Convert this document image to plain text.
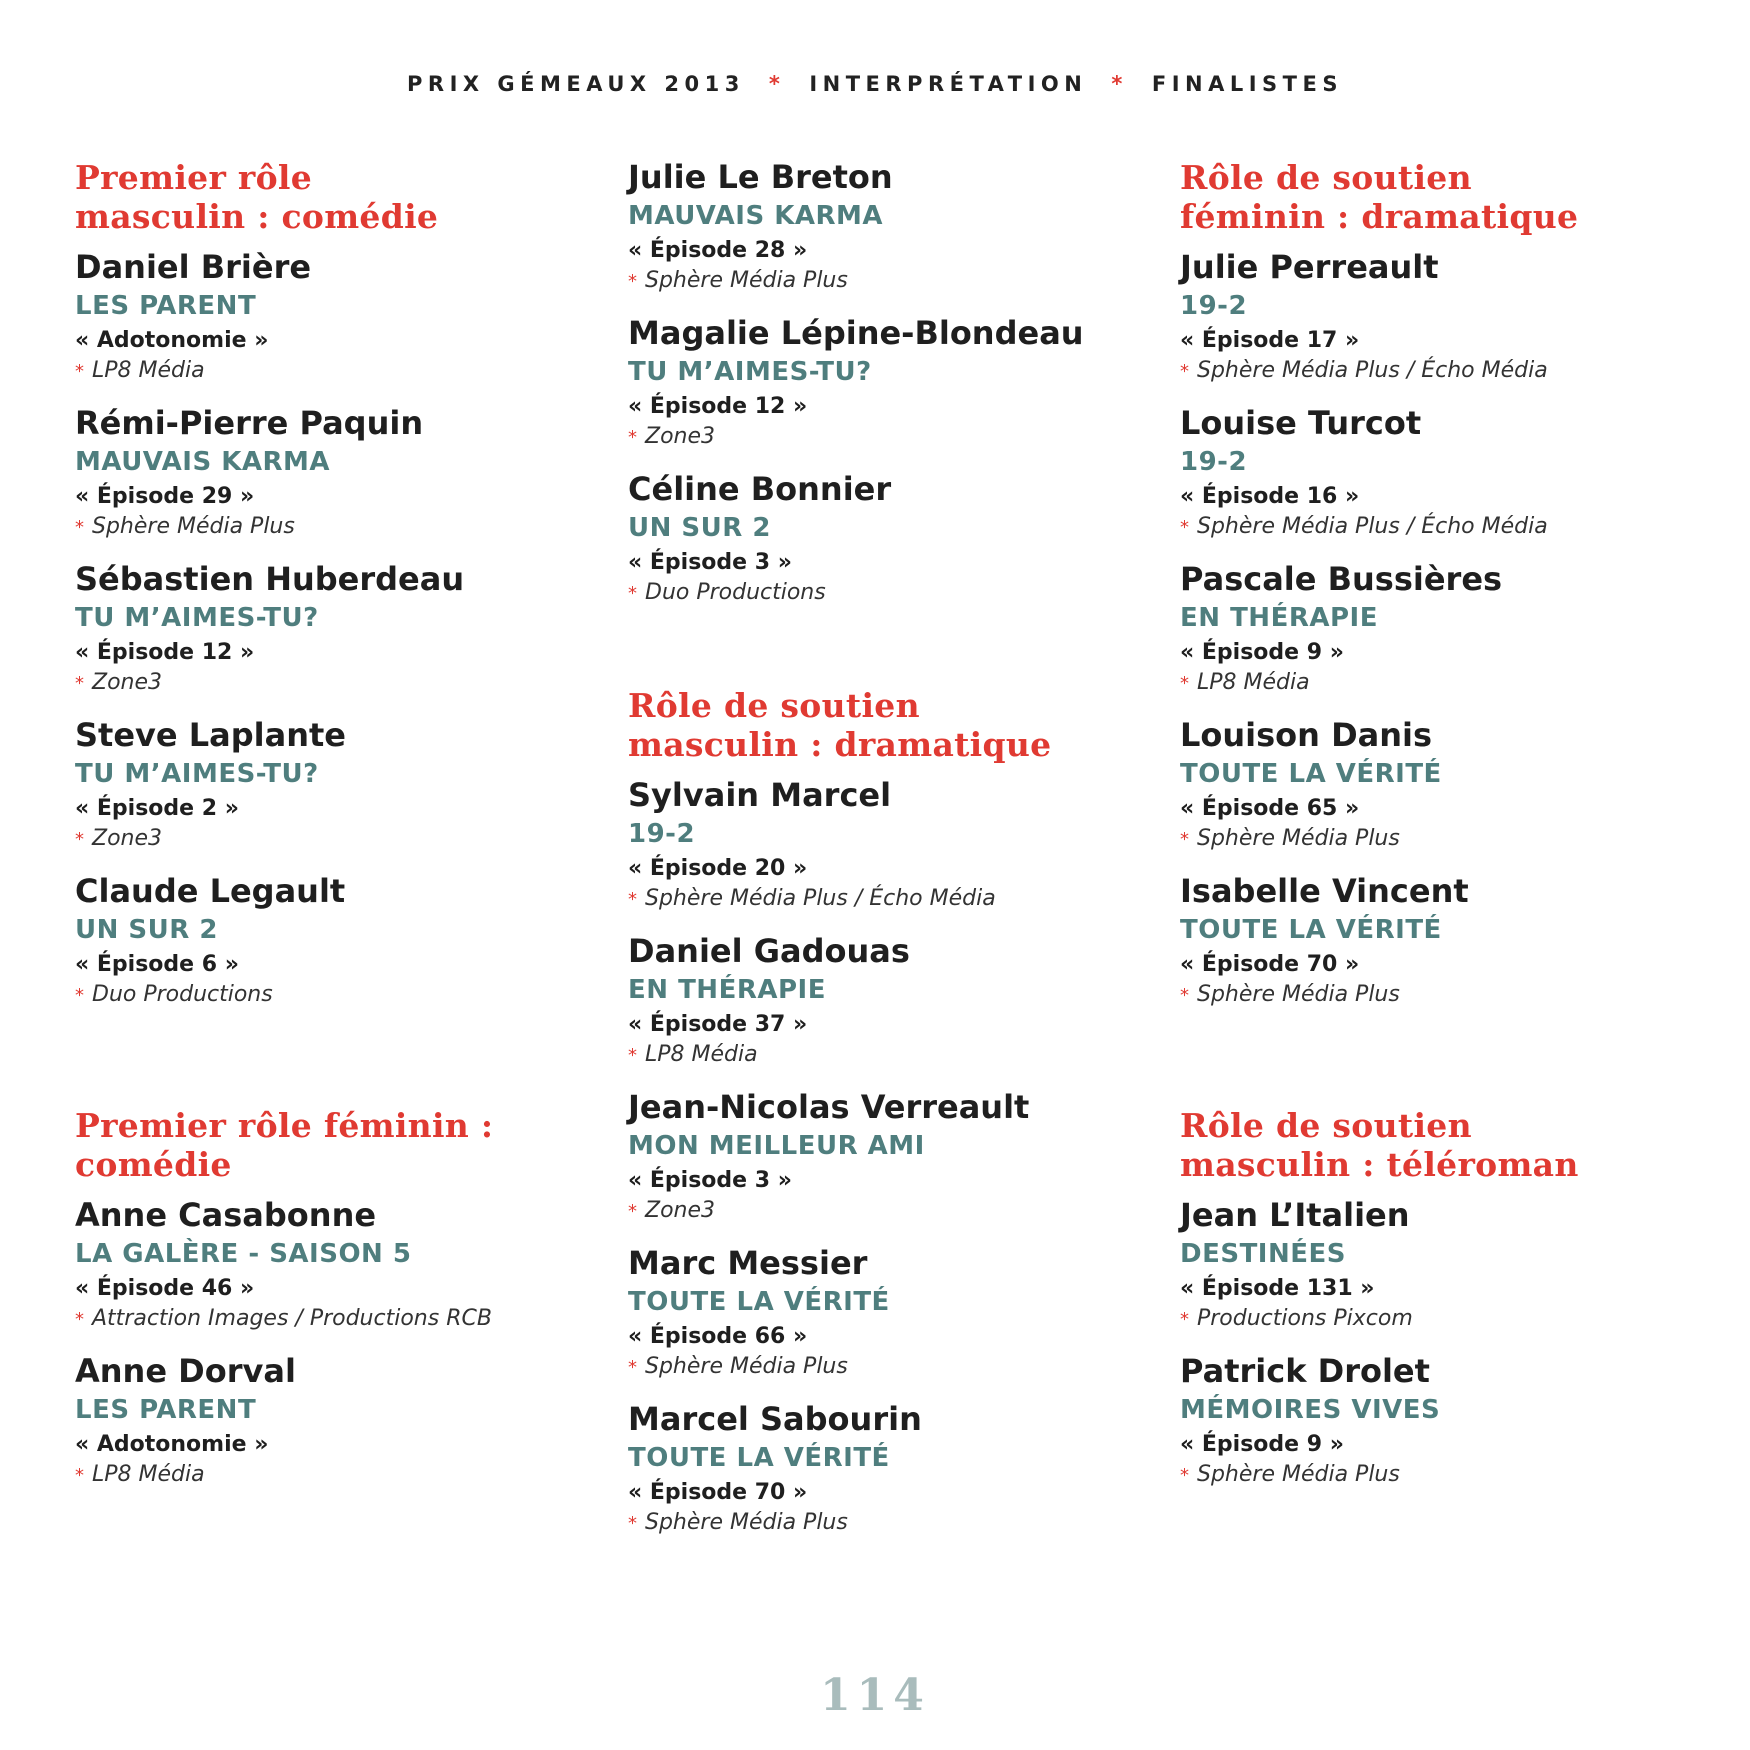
PRIX GÉMEAUX 2013 * INTERPRÉTATION * FINALISTES
Premier rôle
masculin : comédie
Daniel Brière
LES PARENT
« Adotonomie »
* LP8 Média
Rémi-Pierre Paquin
MAUVAIS KARMA
« Épisode 29 »
* Sphère Média Plus
Sébastien Huberdeau
TU M’AIMES-TU?
« Épisode 12 »
* Zone3
Steve Laplante
TU M’AIMES-TU?
« Épisode 2 »
* Zone3
Claude Legault
UN SUR 2
« Épisode 6 »
* Duo Productions
Premier rôle féminin :
comédie
Anne Casabonne
LA GALÈRE - SAISON 5
« Épisode 46 »
* Attraction Images / Productions RCB
Anne Dorval
LES PARENT
« Adotonomie »
* LP8 Média
Julie Le Breton
MAUVAIS KARMA
« Épisode 28 »
* Sphère Média Plus
Magalie Lépine-Blondeau
TU M’AIMES-TU?
« Épisode 12 »
* Zone3
Céline Bonnier
UN SUR 2
« Épisode 3 »
* Duo Productions
Rôle de soutien
masculin : dramatique
Sylvain Marcel
19-2
« Épisode 20 »
* Sphère Média Plus / Écho Média
Daniel Gadouas
EN THÉRAPIE
« Épisode 37 »
* LP8 Média
Jean-Nicolas Verreault
MON MEILLEUR AMI
« Épisode 3 »
* Zone3
Marc Messier
TOUTE LA VÉRITÉ
« Épisode 66 »
* Sphère Média Plus
Marcel Sabourin
TOUTE LA VÉRITÉ
« Épisode 70 »
* Sphère Média Plus
Rôle de soutien
féminin : dramatique
Julie Perreault
19-2
« Épisode 17 »
* Sphère Média Plus / Écho Média
Louise Turcot
19-2
« Épisode 16 »
* Sphère Média Plus / Écho Média
Pascale Bussières
EN THÉRAPIE
« Épisode 9 »
* LP8 Média
Louison Danis
TOUTE LA VÉRITÉ
« Épisode 65 »
* Sphère Média Plus
Isabelle Vincent
TOUTE LA VÉRITÉ
« Épisode 70 »
* Sphère Média Plus
Rôle de soutien
masculin : téléroman
Jean L’Italien
DESTINÉES
« Épisode 131 »
* Productions Pixcom
Patrick Drolet
MÉMOIRES VIVES
« Épisode 9 »
* Sphère Média Plus
114
